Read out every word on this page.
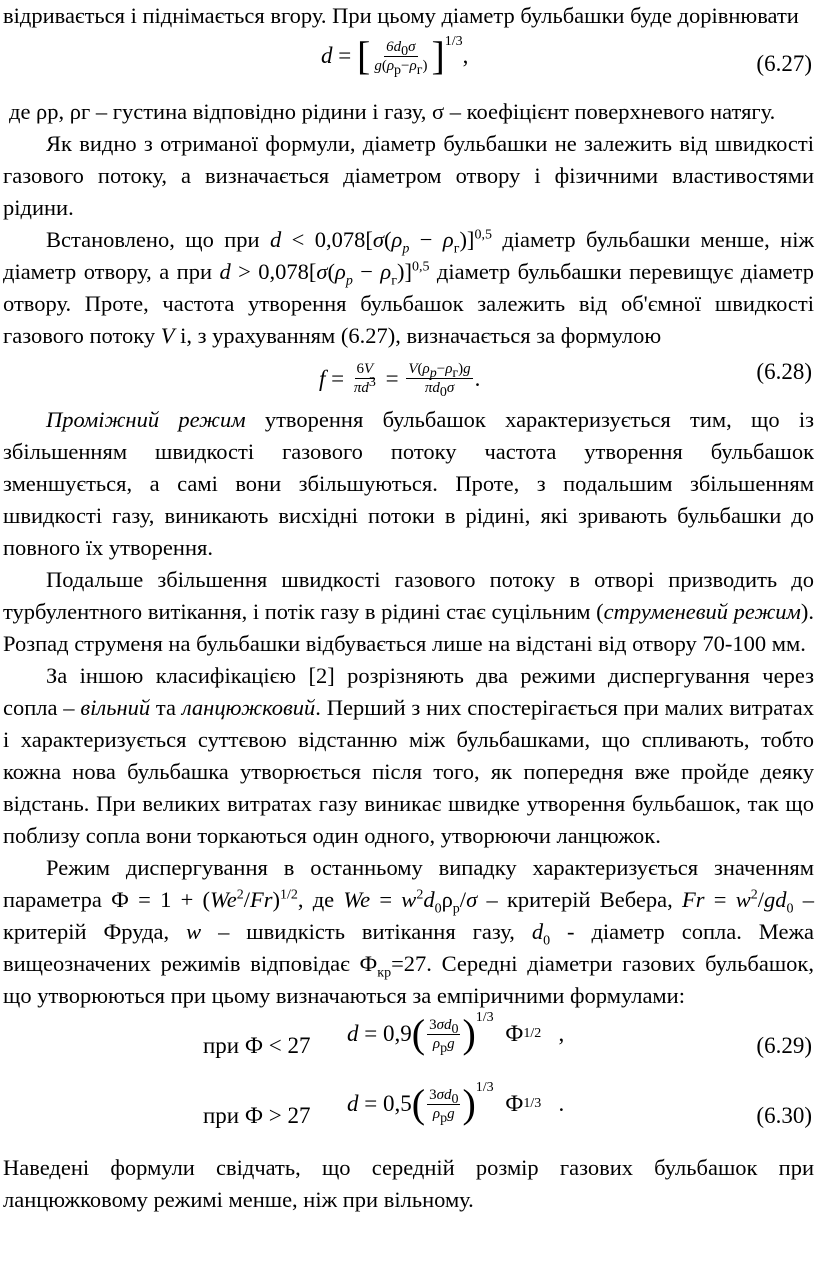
відривається і піднімається вгору. При цьому діаметр бульбашки буде дорівнювати

d = [ $\frac{6d_0\sigma}{g(\rho_р-\rho_г)} ]^{1/3}$
,	(6.27)

де ρр, ρг – густина відповідно рідини і газу, σ – коефіцієнт поверхневого натягу.

Як видно з отриманої формули, діаметр бульбашки не залежить від швидкості газового потоку, а визначається діаметром отвору і фізичними властивостями рідини.

Встановлено, що при $d < 0,078[\sigma(\rho_p - \rho_г)]^{0,5}$ діаметр бульбашки менше, ніж діаметр отвору, а при $d > 0,078[\sigma(\rho_p - \rho_г)]^{0,5}$ діаметр бульбашки перевищує діаметр отвору. Проте, частота утворення бульбашок залежить від об'ємної швидкості газового потоку V і, з урахуванням (6.27), визначається за формулою

$f = \frac{6V}{\pi d^3} = \frac{V(\rho_p-\rho_г)g}{\pi d_0\sigma}$ .	(6.28)

Проміжний режим утворення бульбашок характеризується тим, що із збільшенням швидкості газового потоку частота утворення бульбашок зменшується, а самі вони збільшуються. Проте, з подальшим збільшенням швидкості газу, виникають висхідні потоки в рідині, які зривають бульбашки до повного їх утворення.

Подальше збільшення швидкості газового потоку в отворі призводить до турбулентного витікання, і потік газу в рідині стає суцільним (струменевий режим). Розпад струменя на бульбашки відбувається лише на відстані від отвору 70-100 мм.

За іншою класифікацією [2] розрізняють два режими диспергування через сопла – вільний та ланцюжковий. Перший з них спостерігається при малих витратах і характеризується суттєвою відстанню між бульбашками, що спливають, тобто кожна нова бульбашка утворюється після того, як попередня вже пройде деяку відстань. При великих витратах газу виникає швидке утворення бульбашок, так що поблизу сопла вони торкаються один одного, утворюючи ланцюжок.

Режим диспергування в останньому випадку характеризується значенням параметра $Ф = 1 + (We^2/Fr)^{1/2}$, де $We = w^2d_0\rho_р/\sigma$ – критерій Вебера, $Fr = w^2/gd_0$ – критерій Фруда, w – швидкість витікання газу, $d_0$ - діаметр сопла. Межа вищеозначених режимів відповідає $Ф_{кр}=27$. Середні діаметри газових бульбашок, що утворюються при цьому визначаються за емпіричними формулами:

при Ф < 27 d = 0,9 ( $\frac{3\sigma d_0}{\rho_рg} )^{1/3}$
Ф 1/2 ,	(6.29)
при Ф > 27 d = 0,5 ( $\frac{3\sigma d_0}{\rho_рg} )^{1/3}$
Ф 1/3 .	(6.30)

Наведені формули свідчать, що середній розмір газових бульбашок при ланцюжковому режимі менше, ніж при вільному.
